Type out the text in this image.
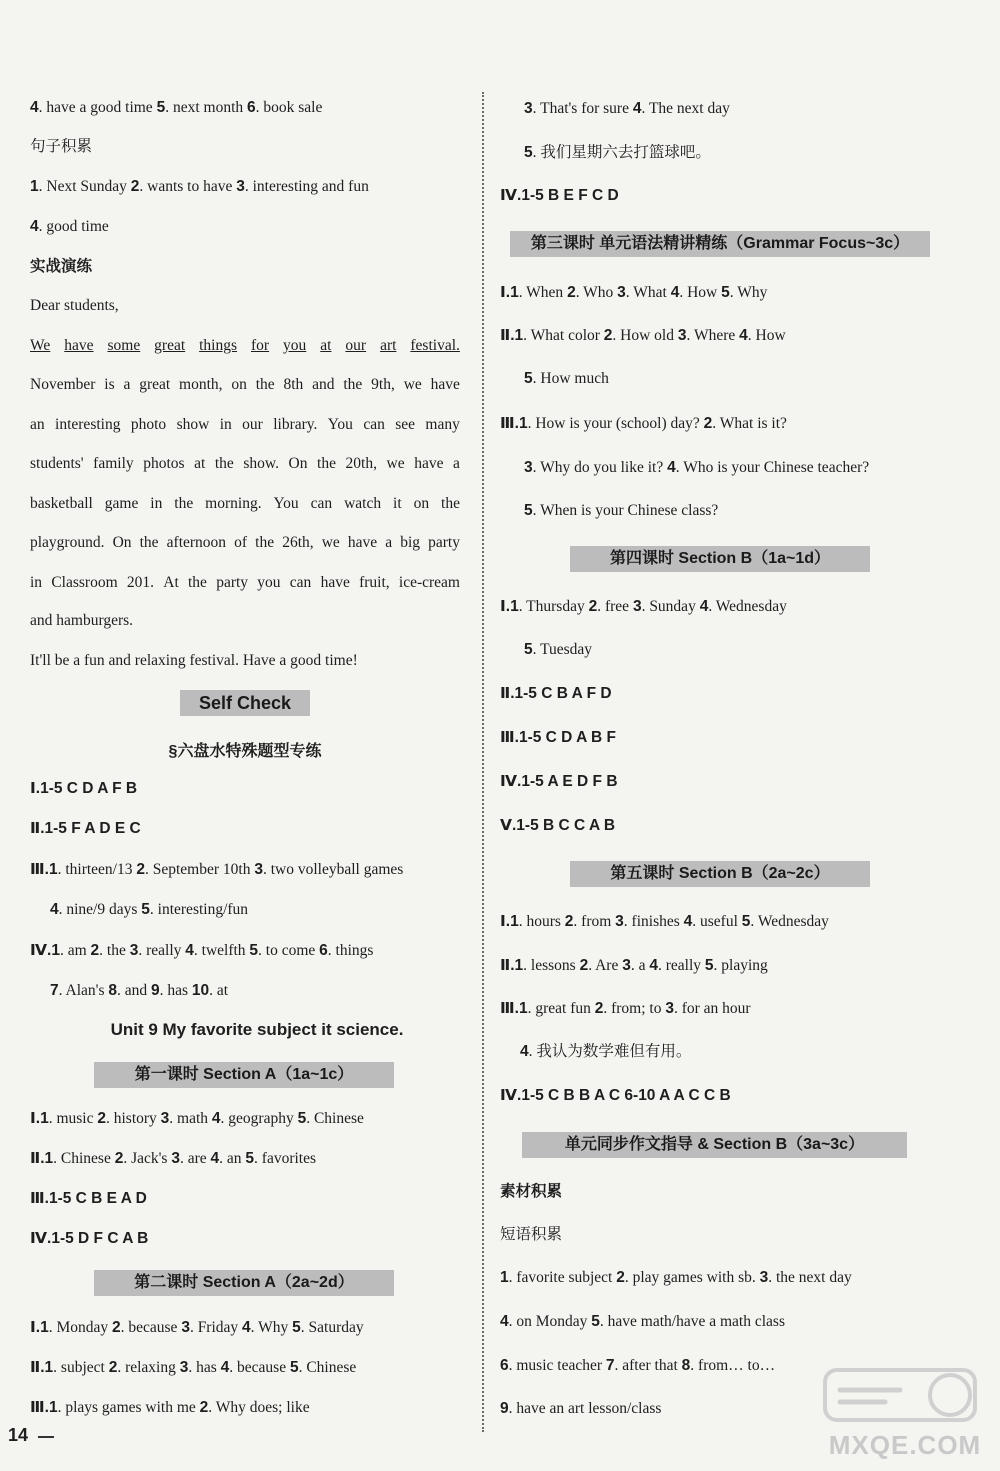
4. have a good time 5. next month 6. book sale
句子积累
1. Next Sunday 2. wants to have 3. interesting and fun
4. good time
实战演练
Dear students,
We have some great things for you at our art festival.
November is a great month, on the 8th and the 9th, we have
an interesting photo show in our library. You can see many
students' family photos at the show. On the 20th, we have a
basketball game in the morning. You can watch it on the
playground. On the afternoon of the 26th, we have a big party
in Classroom 201. At the party you can have fruit, ice-cream
and hamburgers.
It'll be a fun and relaxing festival. Have a good time!
Self Check
§六盘水特殊题型专练
Ⅰ.1-5 C D A F B
Ⅱ.1-5 F A D E C
Ⅲ.1. thirteen/13 2. September 10th 3. two volleyball games
4. nine/9 days 5. interesting/fun
Ⅳ.1. am 2. the 3. really 4. twelfth 5. to come 6. things
7. Alan's 8. and 9. has 10. at
Unit 9 My favorite subject it science.
第一课时 Section A（1a~1c）
Ⅰ.1. music 2. history 3. math 4. geography 5. Chinese
Ⅱ.1. Chinese 2. Jack's 3. are 4. an 5. favorites
Ⅲ.1-5 C B E A D
Ⅳ.1-5 D F C A B
第二课时 Section A（2a~2d）
Ⅰ.1. Monday 2. because 3. Friday 4. Why 5. Saturday
Ⅱ.1. subject 2. relaxing 3. has 4. because 5. Chinese
Ⅲ.1. plays games with me 2. Why does; like
3. That's for sure 4. The next day
5. 我们星期六去打篮球吧。
Ⅳ.1-5 B E F C D
第三课时 单元语法精讲精练（Grammar Focus~3c）
Ⅰ.1. When 2. Who 3. What 4. How 5. Why
Ⅱ.1. What color 2. How old 3. Where 4. How
5. How much
Ⅲ.1. How is your (school) day? 2. What is it?
3. Why do you like it? 4. Who is your Chinese teacher?
5. When is your Chinese class?
第四课时 Section B（1a~1d）
Ⅰ.1. Thursday 2. free 3. Sunday 4. Wednesday
5. Tuesday
Ⅱ.1-5 C B A F D
Ⅲ.1-5 C D A B F
Ⅳ.1-5 A E D F B
Ⅴ.1-5 B C C A B
第五课时 Section B（2a~2c）
Ⅰ.1. hours 2. from 3. finishes 4. useful 5. Wednesday
Ⅱ.1. lessons 2. Are 3. a 4. really 5. playing
Ⅲ.1. great fun 2. from; to 3. for an hour
4. 我认为数学难但有用。
Ⅳ.1-5 C B B A C 6-10 A A C C B
单元同步作文指导 & Section B（3a~3c）
素材积累
短语积累
1. favorite subject 2. play games with sb. 3. the next day
4. on Monday 5. have math/have a math class
6. music teacher 7. after that 8. from… to…
9. have an art lesson/class
14	MXQE.COM
